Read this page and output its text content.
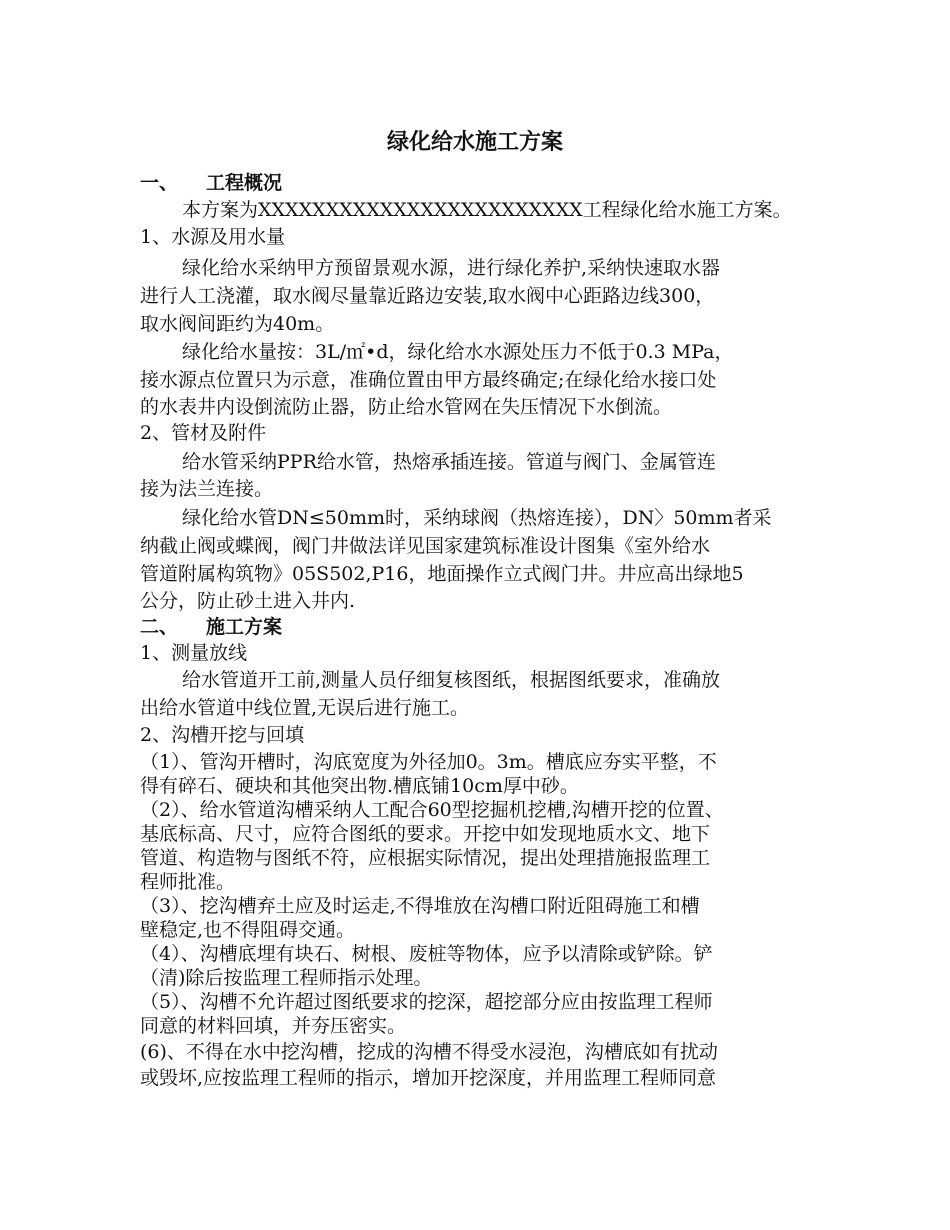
绿化给水施工方案
一、 工程概况
本方案为XXXXXXXXXXXXXXXXXXXXXXXX工程绿化给水施工方案。
1、水源及用水量
绿化给水采纳甲方预留景观水源，进行绿化养护,采纳快速取水器
进行人工浇灌，取水阀尽量靠近路边安装,取水阀中心距路边线300，
取水阀间距约为40m。
绿化给水量按：3L/㎡•d，绿化给水水源处压力不低于0.3 MPa，
接水源点位置只为示意，准确位置由甲方最终确定;在绿化给水接口处
的水表井内设倒流防止器，防止给水管网在失压情况下水倒流。
2、管材及附件
给水管采纳PPR给水管，热熔承插连接。管道与阀门、金属管连
接为法兰连接。
绿化给水管DN≤50mm时，采纳球阀（热熔连接），DN〉50mm者采
纳截止阀或蝶阀，阀门井做法详见国家建筑标准设计图集《室外给水
管道附属构筑物》05S502,P16，地面操作立式阀门井。井应高出绿地5
公分，防止砂土进入井内.
二、 施工方案
1、测量放线
给水管道开工前,测量人员仔细复核图纸，根据图纸要求，准确放
出给水管道中线位置,无误后进行施工。
2、沟槽开挖与回填
（1）、管沟开槽时，沟底宽度为外径加0。3m。槽底应夯实平整，不
得有碎石、硬块和其他突出物.槽底铺10cm厚中砂。
（2）、给水管道沟槽采纳人工配合60型挖掘机挖槽,沟槽开挖的位置、
基底标高、尺寸，应符合图纸的要求。开挖中如发现地质水文、地下
管道、构造物与图纸不符，应根据实际情况，提出处理措施报监理工
程师批准。
（3）、挖沟槽弃土应及时运走,不得堆放在沟槽口附近阻碍施工和槽
壁稳定,也不得阻碍交通。
（4）、沟槽底埋有块石、树根、废桩等物体，应予以清除或铲除。铲
（清)除后按监理工程师指示处理。
（5）、沟槽不允许超过图纸要求的挖深，超挖部分应由按监理工程师
同意的材料回填，并夯压密实。
(6)、不得在水中挖沟槽，挖成的沟槽不得受水浸泡，沟槽底如有扰动
或毁坏,应按监理工程师的指示，增加开挖深度，并用监理工程师同意
